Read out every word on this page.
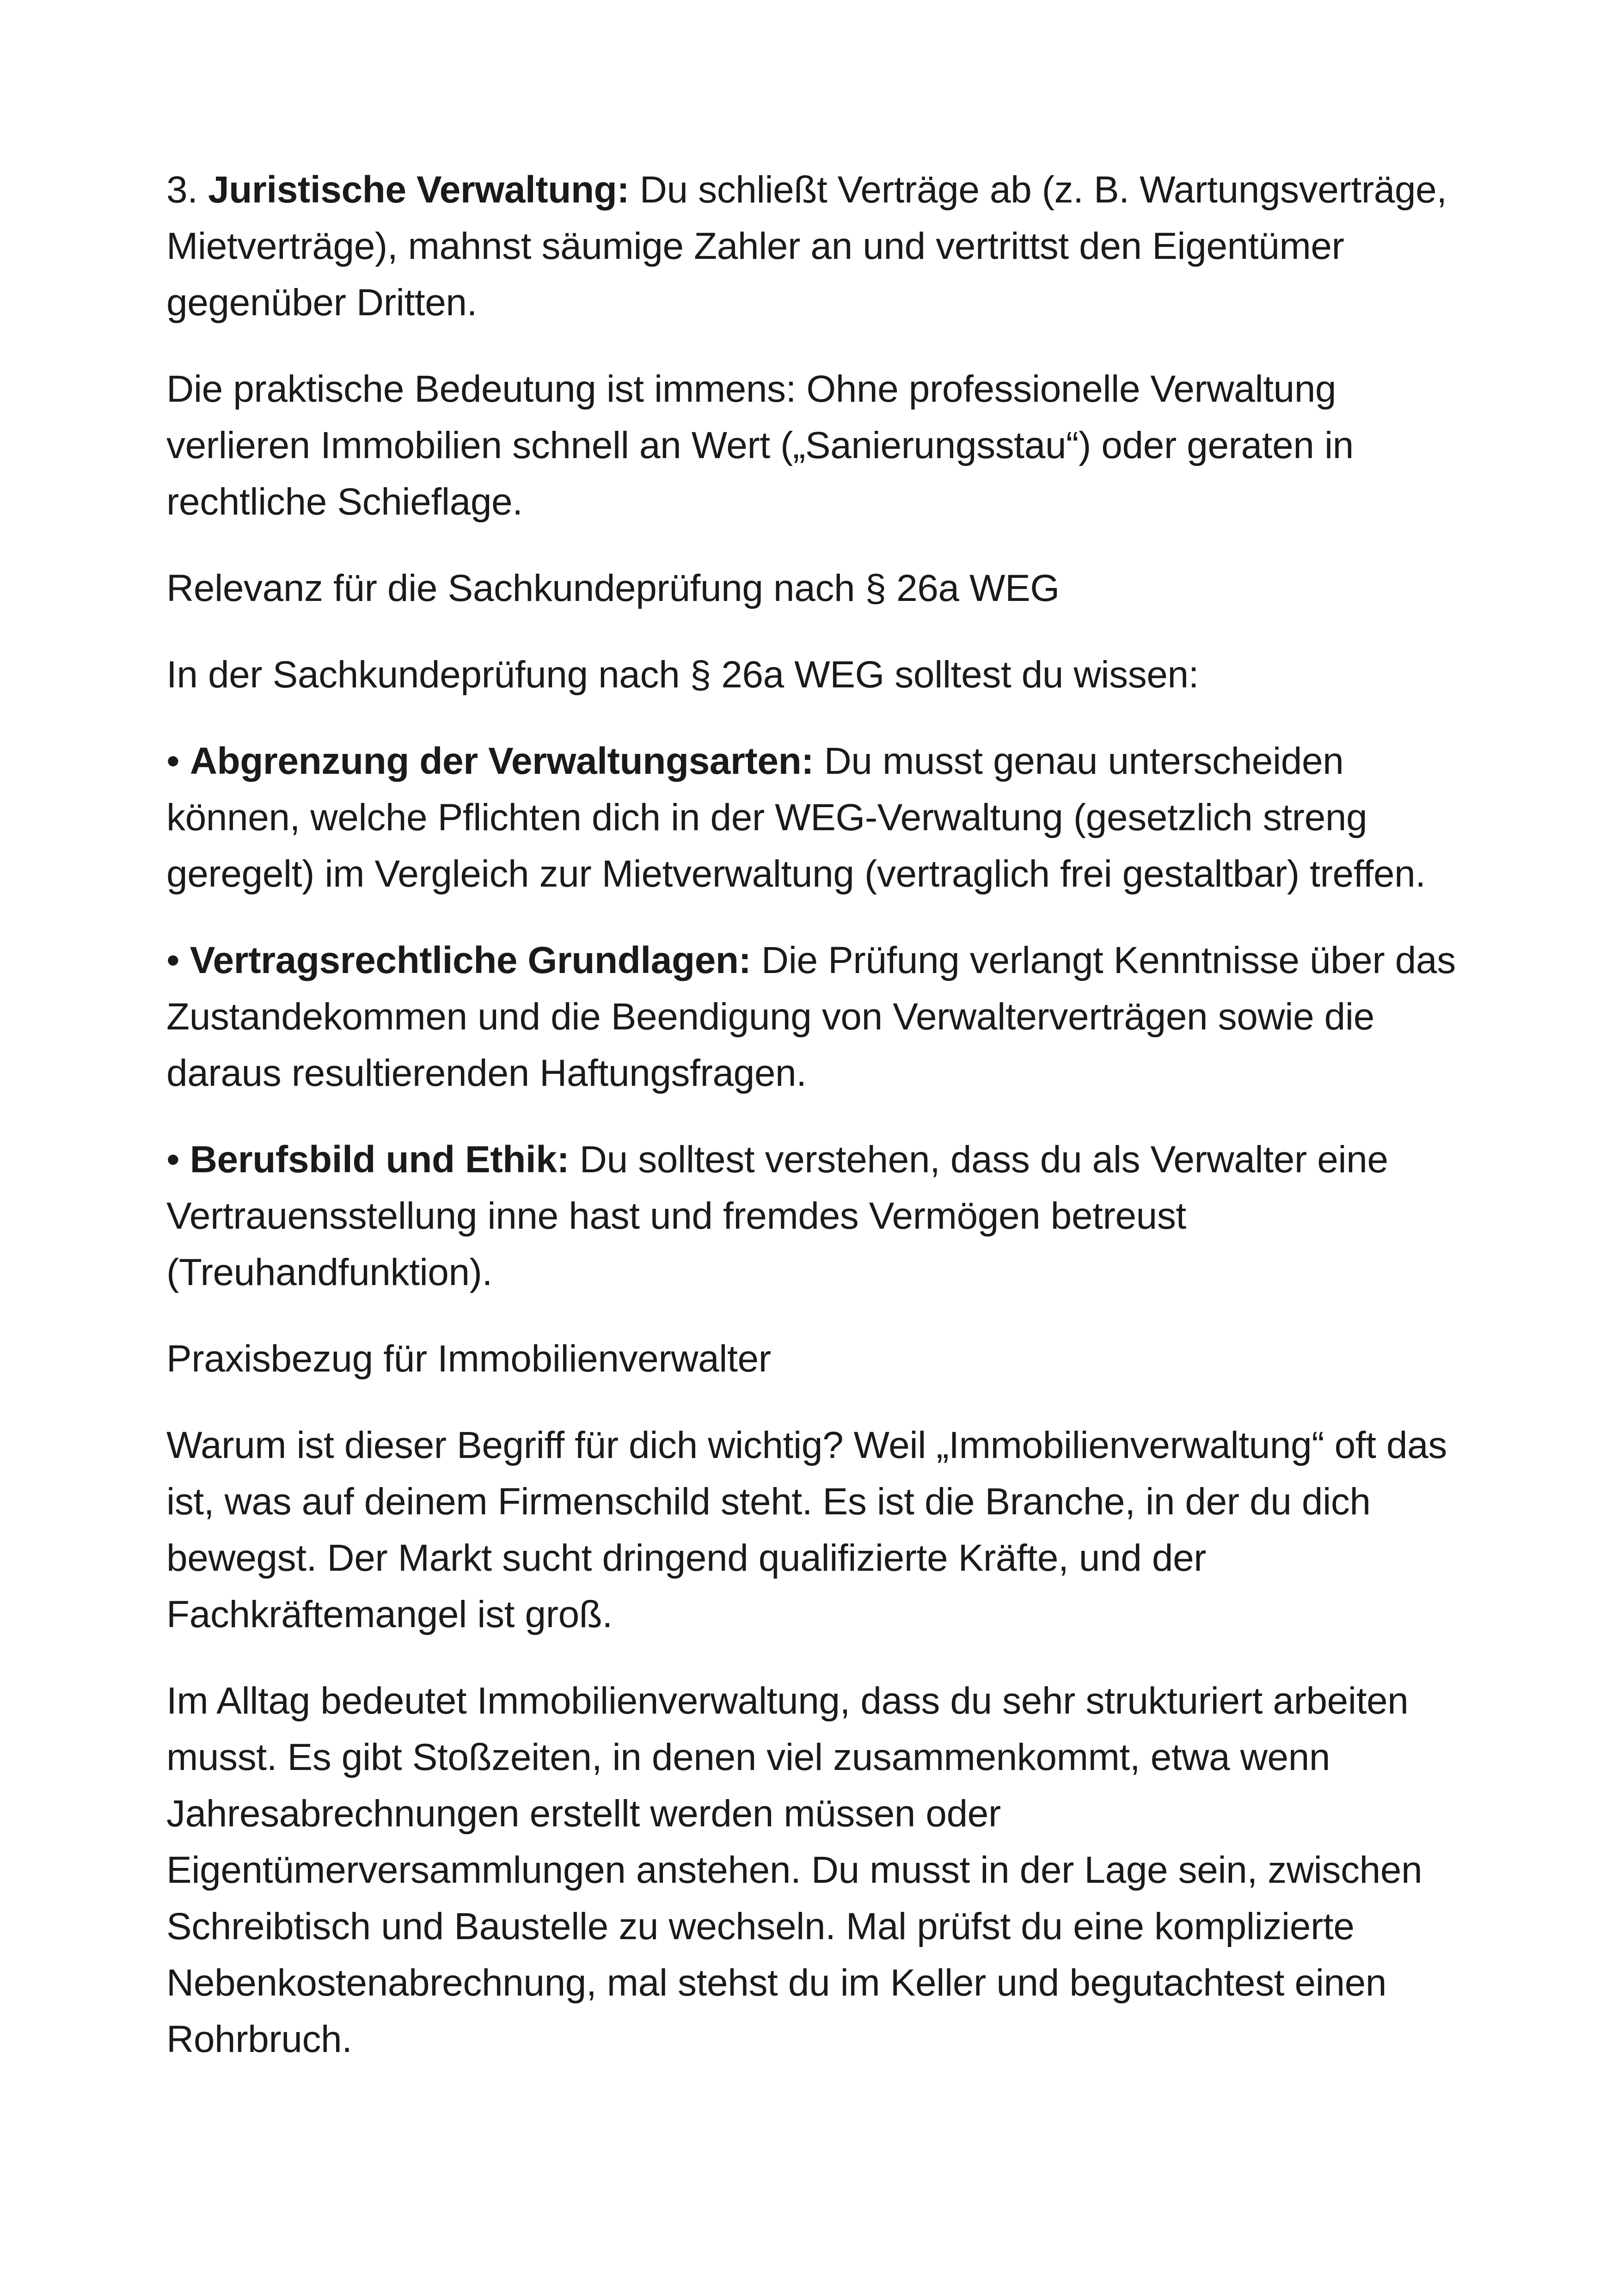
3. Juristische Verwaltung: Du schließt Verträge ab (z. B. Wartungsverträge, Mietverträge), mahnst säumige Zahler an und vertrittst den Eigentümer gegenüber Dritten.

Die praktische Bedeutung ist immens: Ohne professionelle Verwaltung verlieren Immobilien schnell an Wert („Sanierungsstau“) oder geraten in rechtliche Schieflage.

Relevanz für die Sachkundeprüfung nach § 26a WEG

In der Sachkundeprüfung nach § 26a WEG solltest du wissen:

• Abgrenzung der Verwaltungsarten: Du musst genau unterscheiden können, welche Pflichten dich in der WEG-Verwaltung (gesetzlich streng geregelt) im Vergleich zur Mietverwaltung (vertraglich frei gestaltbar) treffen.

• Vertragsrechtliche Grundlagen: Die Prüfung verlangt Kenntnisse über das Zustandekommen und die Beendigung von Verwalterverträgen sowie die daraus resultierenden Haftungsfragen.

• Berufsbild und Ethik: Du solltest verstehen, dass du als Verwalter eine Vertrauensstellung inne hast und fremdes Vermögen betreust (Treuhandfunktion).

Praxisbezug für Immobilienverwalter

Warum ist dieser Begriff für dich wichtig? Weil „Immobilienverwaltung“ oft das ist, was auf deinem Firmenschild steht. Es ist die Branche, in der du dich bewegst. Der Markt sucht dringend qualifizierte Kräfte, und der Fachkräftemangel ist groß.

Im Alltag bedeutet Immobilienverwaltung, dass du sehr strukturiert arbeiten musst. Es gibt Stoßzeiten, in denen viel zusammenkommt, etwa wenn Jahresabrechnungen erstellt werden müssen oder Eigentümerversammlungen anstehen. Du musst in der Lage sein, zwischen Schreibtisch und Baustelle zu wechseln. Mal prüfst du eine komplizierte Nebenkostenabrechnung, mal stehst du im Keller und begutachtest einen Rohrbruch.
